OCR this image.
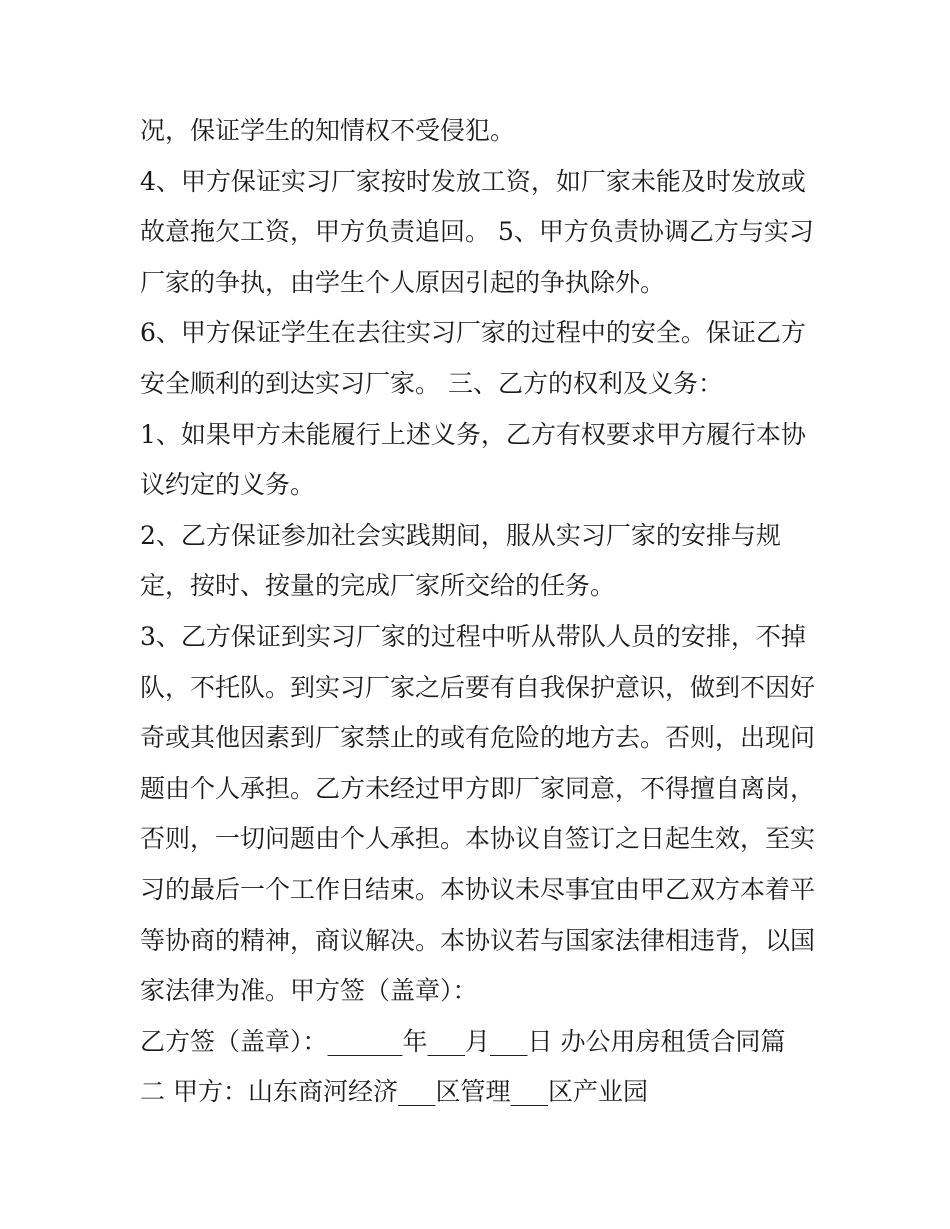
况，保证学生的知情权不受侵犯。
4、甲方保证实习厂家按时发放工资，如厂家未能及时发放或
故意拖欠工资，甲方负责追回。 5、甲方负责协调乙方与实习
厂家的争执，由学生个人原因引起的争执除外。
6、甲方保证学生在去往实习厂家的过程中的安全。保证乙方
安全顺利的到达实习厂家。 三、乙方的权利及义务：
1、如果甲方未能履行上述义务，乙方有权要求甲方履行本协
议约定的义务。
2、乙方保证参加社会实践期间，服从实习厂家的安排与规
定，按时、按量的完成厂家所交给的任务。
3、乙方保证到实习厂家的过程中听从带队人员的安排，不掉
队，不托队。到实习厂家之后要有自我保护意识，做到不因好
奇或其他因素到厂家禁止的或有危险的地方去。否则，出现问
题由个人承担。乙方未经过甲方即厂家同意，不得擅自离岗，
否则，一切问题由个人承担。本协议自签订之日起生效，至实
习的最后一个工作日结束。本协议未尽事宜由甲乙双方本着平
等协商的精神，商议解决。本协议若与国家法律相违背，以国
家法律为准。甲方签（盖章）：
乙方签（盖章）：______年___月___日 办公用房租赁合同篇
二 甲方：山东商河经济___区管理___区产业园
